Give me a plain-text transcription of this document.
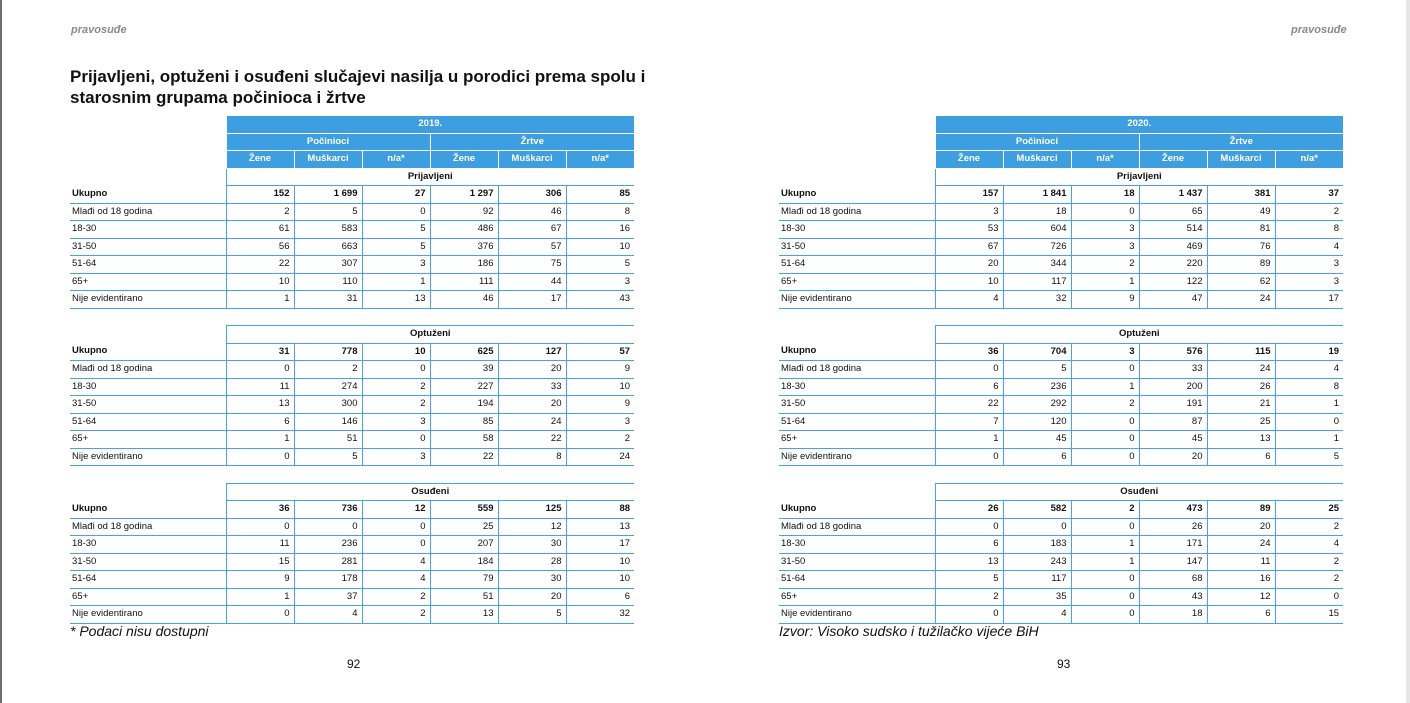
pravosuđe	pravosuđe
Prijavljeni, optuženi i osuđeni slučajevi nasilja u porodici prema spolu i starosnim grupama počinioca i žrtve
	2019.					
	Počinioci			Žrtve		
	Žene	Muškarci	n/a*	Žene	Muškarci	n/a*
	Prijavljeni					
Ukupno	152	1 699	27	1 297	306	85
Mlađi od 18 godina	2	5	0	92	46	8
18-30	61	583	5	486	67	16
31-50	56	663	5	376	57	10
51-64	22	307	3	186	75	5
65+	10	110	1	111	44	3
Nije evidentirano	1	31	13	46	17	43

	Optuženi					
Ukupno	31	778	10	625	127	57
Mlađi od 18 godina	0	2	0	39	20	9
18-30	11	274	2	227	33	10
31-50	13	300	2	194	20	9
51-64	6	146	3	85	24	3
65+	1	51	0	58	22	2
Nije evidentirano	0	5	3	22	8	24

	Osuđeni					
Ukupno	36	736	12	559	125	88
Mlađi od 18 godina	0	0	0	25	12	13
18-30	11	236	0	207	30	17
31-50	15	281	4	184	28	10
51-64	9	178	4	79	30	10
65+	1	37	2	51	20	6
Nije evidentirano	0	4	2	13	5	32
	2020.					
	Počinioci			Žrtve		
	Žene	Muškarci	n/a*	Žene	Muškarci	n/a*
	Prijavljeni					
Ukupno	157	1 841	18	1 437	381	37
Mlađi od 18 godina	3	18	0	65	49	2
18-30	53	604	3	514	81	8
31-50	67	726	3	469	76	4
51-64	20	344	2	220	89	3
65+	10	117	1	122	62	3
Nije evidentirano	4	32	9	47	24	17

	Optuženi					
Ukupno	36	704	3	576	115	19
Mlađi od 18 godina	0	5	0	33	24	4
18-30	6	236	1	200	26	8
31-50	22	292	2	191	21	1
51-64	7	120	0	87	25	0
65+	1	45	0	45	13	1
Nije evidentirano	0	6	0	20	6	5

	Osuđeni					
Ukupno	26	582	2	473	89	25
Mlađi od 18 godina	0	0	0	26	20	2
18-30	6	183	1	171	24	4
31-50	13	243	1	147	11	2
51-64	5	117	0	68	16	2
65+	2	35	0	43	12	0
Nije evidentirano	0	4	0	18	6	15
* Podaci nisu dostupni	Izvor: Visoko sudsko i tužilačko vijeće BiH
92	93
